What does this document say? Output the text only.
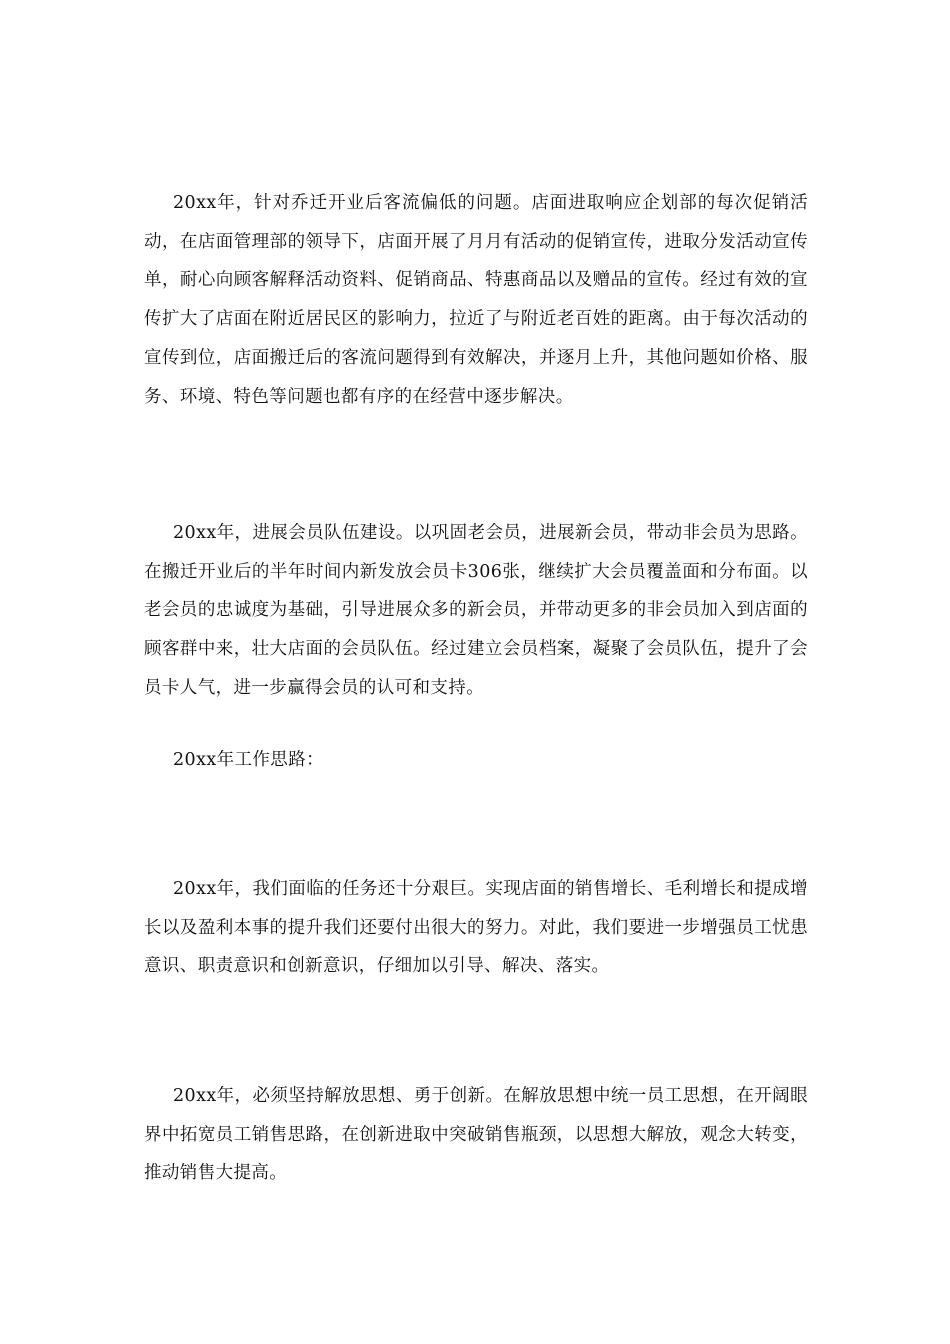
20xx年，针对乔迁开业后客流偏低的问题。店面进取响应企划部的每次促销活动，在店面管理部的领导下，店面开展了月月有活动的促销宣传，进取分发活动宣传单，耐心向顾客解释活动资料、促销商品、特惠商品以及赠品的宣传。经过有效的宣传扩大了店面在附近居民区的影响力，拉近了与附近老百姓的距离。由于每次活动的宣传到位，店面搬迁后的客流问题得到有效解决，并逐月上升，其他问题如价格、服务、环境、特色等问题也都有序的在经营中逐步解决。

20xx年，进展会员队伍建设。以巩固老会员，进展新会员，带动非会员为思路。在搬迁开业后的半年时间内新发放会员卡306张，继续扩大会员覆盖面和分布面。以老会员的忠诚度为基础，引导进展众多的新会员，并带动更多的非会员加入到店面的顾客群中来，壮大店面的会员队伍。经过建立会员档案，凝聚了会员队伍，提升了会员卡人气，进一步赢得会员的认可和支持。

20xx年工作思路：

20xx年，我们面临的任务还十分艰巨。实现店面的销售增长、毛利增长和提成增长以及盈利本事的提升我们还要付出很大的努力。对此，我们要进一步增强员工忧患意识、职责意识和创新意识，仔细加以引导、解决、落实。

20xx年，必须坚持解放思想、勇于创新。在解放思想中统一员工思想，在开阔眼界中拓宽员工销售思路，在创新进取中突破销售瓶颈，以思想大解放，观念大转变，推动销售大提高。
